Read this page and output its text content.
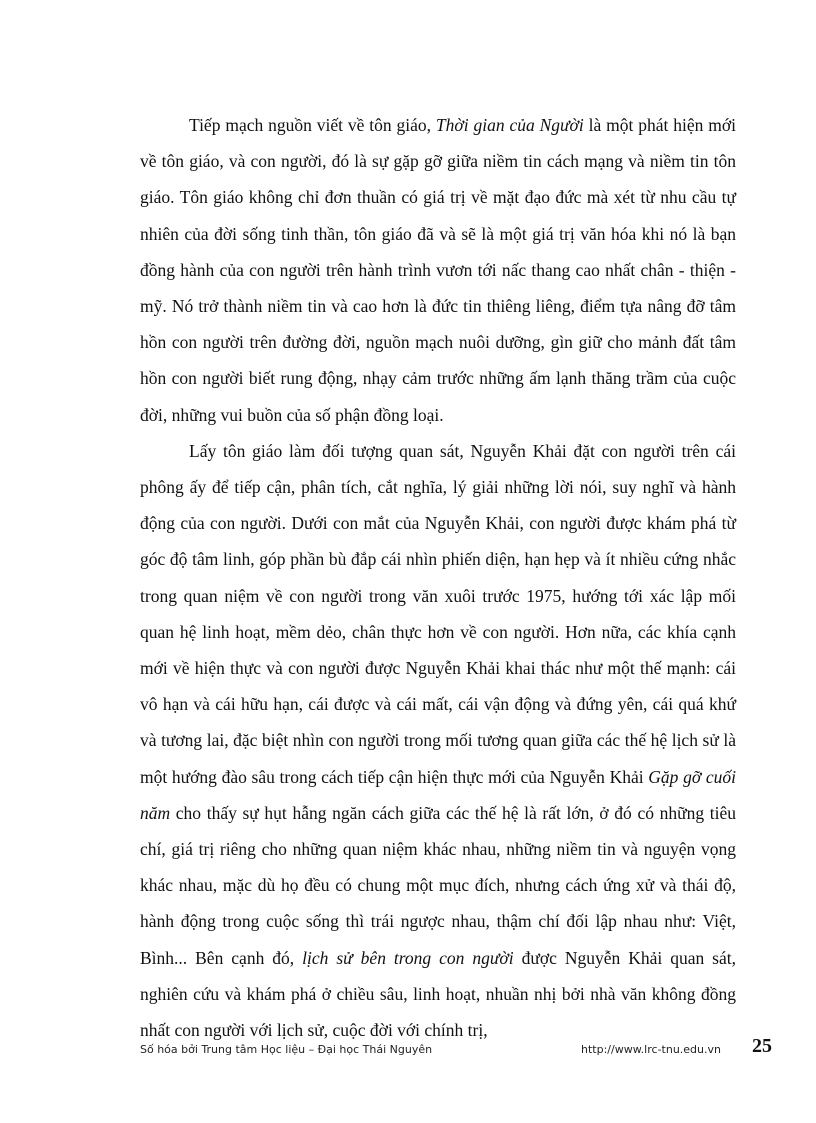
Tiếp mạch nguồn viết về tôn giáo, Thời gian của Người là một phát hiện mới về tôn giáo, và con người, đó là sự gặp gỡ giữa niềm tin cách mạng và niềm tin tôn giáo. Tôn giáo không chỉ đơn thuần có giá trị về mặt đạo đức mà xét từ nhu cầu tự nhiên của đời sống tinh thần, tôn giáo đã và sẽ là một giá trị văn hóa khi nó là bạn đồng hành của con người trên hành trình vươn tới nấc thang cao nhất chân - thiện - mỹ. Nó trở thành niềm tin và cao hơn là đức tin thiêng liêng, điểm tựa nâng đỡ tâm hồn con người trên đường đời, nguồn mạch nuôi dưỡng, gìn giữ cho mảnh đất tâm hồn con người biết rung động, nhạy cảm trước những ấm lạnh thăng trầm của cuộc đời, những vui buồn của số phận đồng loại.

Lấy tôn giáo làm đối tượng quan sát, Nguyễn Khải đặt con người trên cái phông ấy để tiếp cận, phân tích, cắt nghĩa, lý giải những lời nói, suy nghĩ và hành động của con người. Dưới con mắt của Nguyễn Khải, con người được khám phá từ góc độ tâm linh, góp phần bù đắp cái nhìn phiến diện, hạn hẹp và ít nhiều cứng nhắc trong quan niệm về con người trong văn xuôi trước 1975, hướng tới xác lập mối quan hệ linh hoạt, mềm dẻo, chân thực hơn về con người. Hơn nữa, các khía cạnh mới về hiện thực và con người được Nguyễn Khải khai thác như một thế mạnh: cái vô hạn và cái hữu hạn, cái được và cái mất, cái vận động và đứng yên, cái quá khứ và tương lai, đặc biệt nhìn con người trong mối tương quan giữa các thế hệ lịch sử là một hướng đào sâu trong cách tiếp cận hiện thực mới của Nguyễn Khải Gặp gỡ cuối năm cho thấy sự hụt hẫng ngăn cách giữa các thế hệ là rất lớn, ở đó có những tiêu chí, giá trị riêng cho những quan niệm khác nhau, những niềm tin và nguyện vọng khác nhau, mặc dù họ đều có chung một mục đích, nhưng cách ứng xử và thái độ, hành động trong cuộc sống thì trái ngược nhau, thậm chí đối lập nhau như: Việt, Bình... Bên cạnh đó, lịch sử bên trong con người được Nguyễn Khải quan sát, nghiên cứu và khám phá ở chiều sâu, linh hoạt, nhuần nhị bởi nhà văn không đồng nhất con người với lịch sử, cuộc đời với chính trị,

Số hóa bởi Trung tâm Học liệu – Đại học Thái Nguyên	http://www.lrc-tnu.edu.vn 25
